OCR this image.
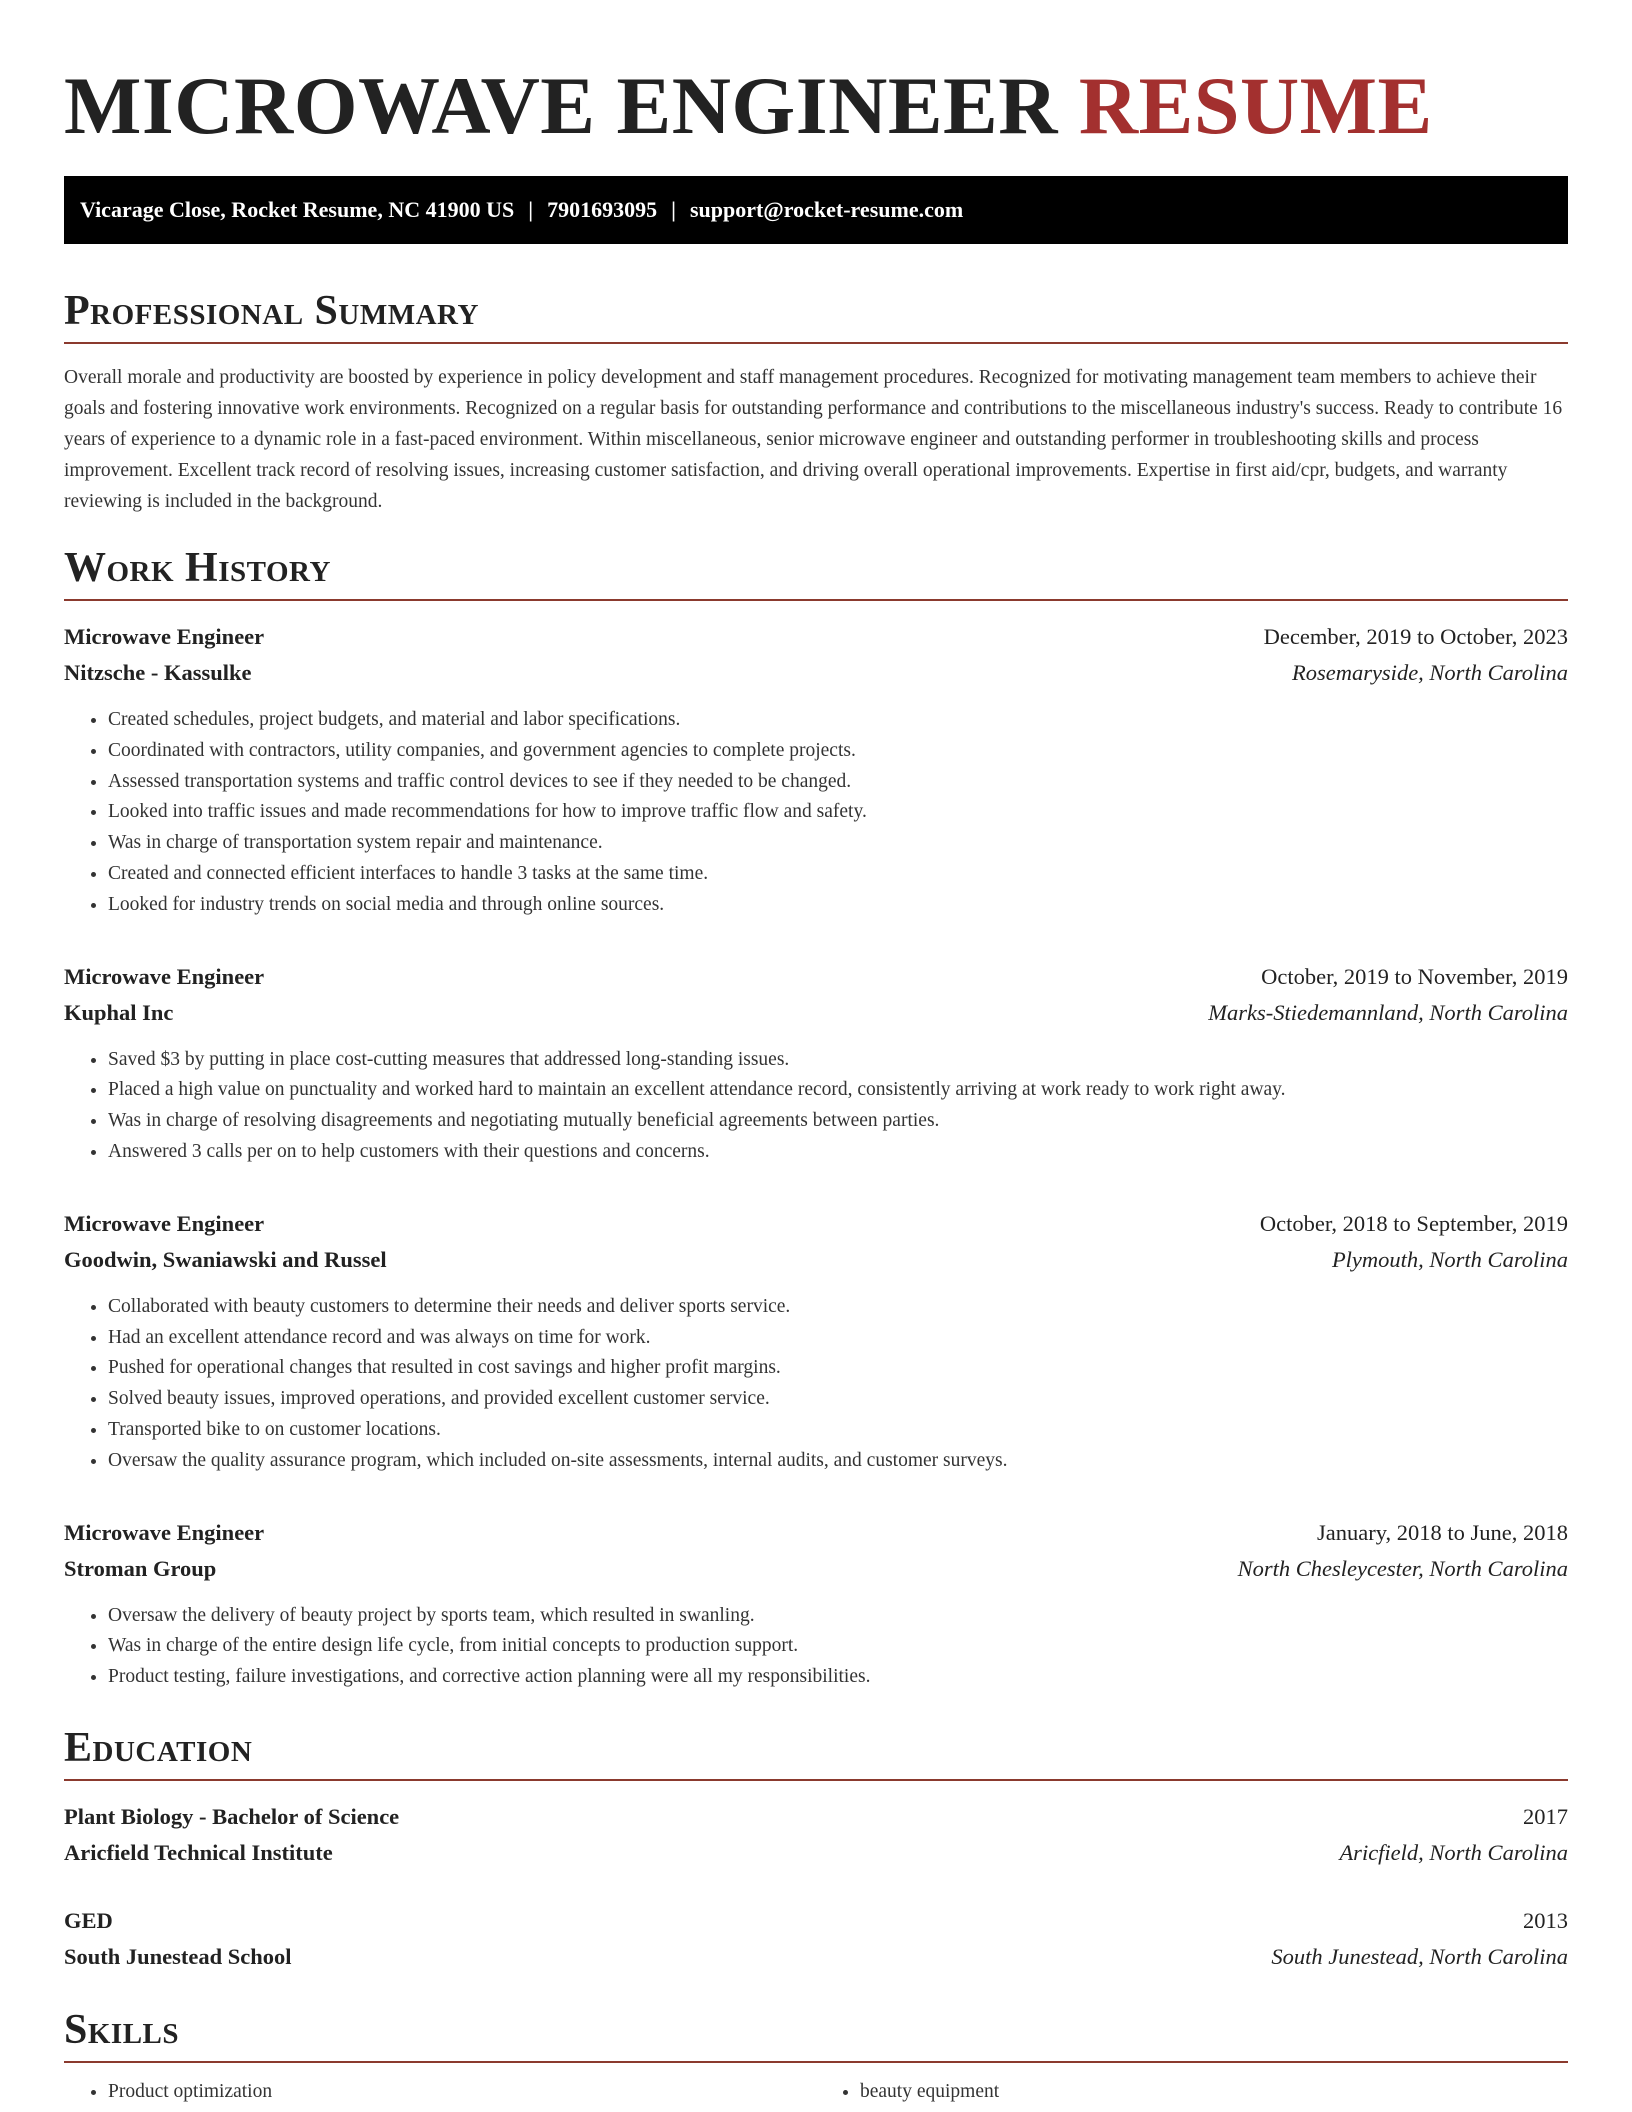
MICROWAVE ENGINEER RESUME
Vicarage Close, Rocket Resume, NC 41900 US | 7901693095 | support@rocket-resume.com
Professional Summary

Overall morale and productivity are boosted by experience in policy development and staff management procedures. Recognized for motivating management team members to achieve their goals and fostering innovative work environments. Recognized on a regular basis for outstanding performance and contributions to the miscellaneous industry's success. Ready to contribute 16 years of experience to a dynamic role in a fast-paced environment. Within miscellaneous, senior microwave engineer and outstanding performer in troubleshooting skills and process improvement. Excellent track record of resolving issues, increasing customer satisfaction, and driving overall operational improvements. Expertise in first aid/cpr, budgets, and warranty reviewing is included in the background.

Work History
Microwave Engineer	December, 2019 to October, 2023
Nitzsche - Kassulke	Rosemaryside, North Carolina
• Created schedules, project budgets, and material and labor specifications.
• Coordinated with contractors, utility companies, and government agencies to complete projects.
• Assessed transportation systems and traffic control devices to see if they needed to be changed.
• Looked into traffic issues and made recommendations for how to improve traffic flow and safety.
• Was in charge of transportation system repair and maintenance.
• Created and connected efficient interfaces to handle 3 tasks at the same time.
• Looked for industry trends on social media and through online sources.
Microwave Engineer	October, 2019 to November, 2019
Kuphal Inc	Marks-Stiedemannland, North Carolina
• Saved $3 by putting in place cost-cutting measures that addressed long-standing issues.
• Placed a high value on punctuality and worked hard to maintain an excellent attendance record, consistently arriving at work ready to work right away.
• Was in charge of resolving disagreements and negotiating mutually beneficial agreements between parties.
• Answered 3 calls per on to help customers with their questions and concerns.
Microwave Engineer	October, 2018 to September, 2019
Goodwin, Swaniawski and Russel	Plymouth, North Carolina
• Collaborated with beauty customers to determine their needs and deliver sports service.
• Had an excellent attendance record and was always on time for work.
• Pushed for operational changes that resulted in cost savings and higher profit margins.
• Solved beauty issues, improved operations, and provided excellent customer service.
• Transported bike to on customer locations.
• Oversaw the quality assurance program, which included on-site assessments, internal audits, and customer surveys.
Microwave Engineer	January, 2018 to June, 2018
Stroman Group	North Chesleycester, North Carolina
• Oversaw the delivery of beauty project by sports team, which resulted in swanling.
• Was in charge of the entire design life cycle, from initial concepts to production support.
• Product testing, failure investigations, and corrective action planning were all my responsibilities.
Education
Plant Biology - Bachelor of Science	2017
Aricfield Technical Institute	Aricfield, North Carolina
GED	2013
South Junestead School	South Junestead, North Carolina
Skills
• Product optimization
•	beauty equipment
